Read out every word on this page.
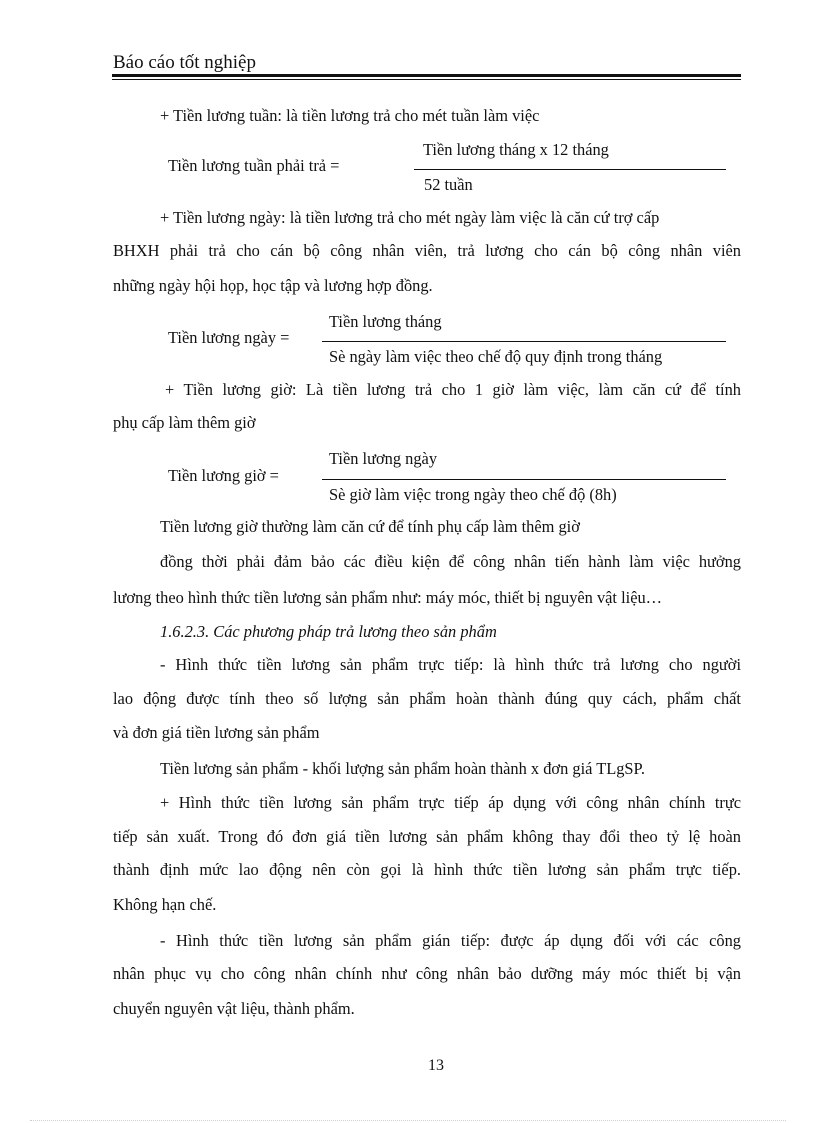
Báo cáo tốt nghiệp
+ Tiền lương tuần: là tiền lương trả cho mét tuần làm việc
Tiền lương tuần phải trả =
Tiền lương tháng x 12 tháng
52 tuần
+ Tiền lương ngày: là tiền lương trả cho mét ngày làm việc là căn cứ trợ cấp
BHXH phải trả cho cán bộ công nhân viên, trả lương cho cán bộ công nhân viên
những ngày hội họp, học tập và lương hợp đồng.
Tiền lương ngày =
Tiền lương tháng
Sè ngày làm việc theo chế độ quy định trong tháng
+ Tiền lương giờ: Là tiền lương trả cho 1 giờ làm việc, làm căn cứ để tính
phụ cấp làm thêm giờ
Tiền lương giờ =
Tiền lương ngày
Sè giờ làm việc trong ngày theo chế độ (8h)
Tiền lương giờ thường làm căn cứ để tính phụ cấp làm thêm giờ
đồng thời phải đảm bảo các điều kiện để công nhân tiến hành làm việc hưởng
lương theo hình thức tiền lương sản phẩm như: máy móc, thiết bị nguyên vật liệu…
1.6.2.3. Các phương pháp trả lương theo sản phẩm
- Hình thức tiền lương sản phẩm trực tiếp: là hình thức trả lương cho người
lao động được tính theo số lượng sản phẩm hoàn thành đúng quy cách, phẩm chất
và đơn giá tiền lương sản phẩm
Tiền lương sản phẩm - khối lượng sản phẩm hoàn thành x đơn giá TLgSP.
+ Hình thức tiền lương sản phẩm trực tiếp áp dụng với công nhân chính trực
tiếp sản xuất. Trong đó đơn giá tiền lương sản phẩm không thay đổi theo tỷ lệ hoàn
thành định mức lao động nên còn gọi là hình thức tiền lương sản phẩm trực tiếp.
Không hạn chế.
- Hình thức tiền lương sản phẩm gián tiếp: được áp dụng đối với các công
nhân phục vụ cho công nhân chính như công nhân bảo dưỡng máy móc thiết bị vận
chuyển nguyên vật liệu, thành phẩm.
13
